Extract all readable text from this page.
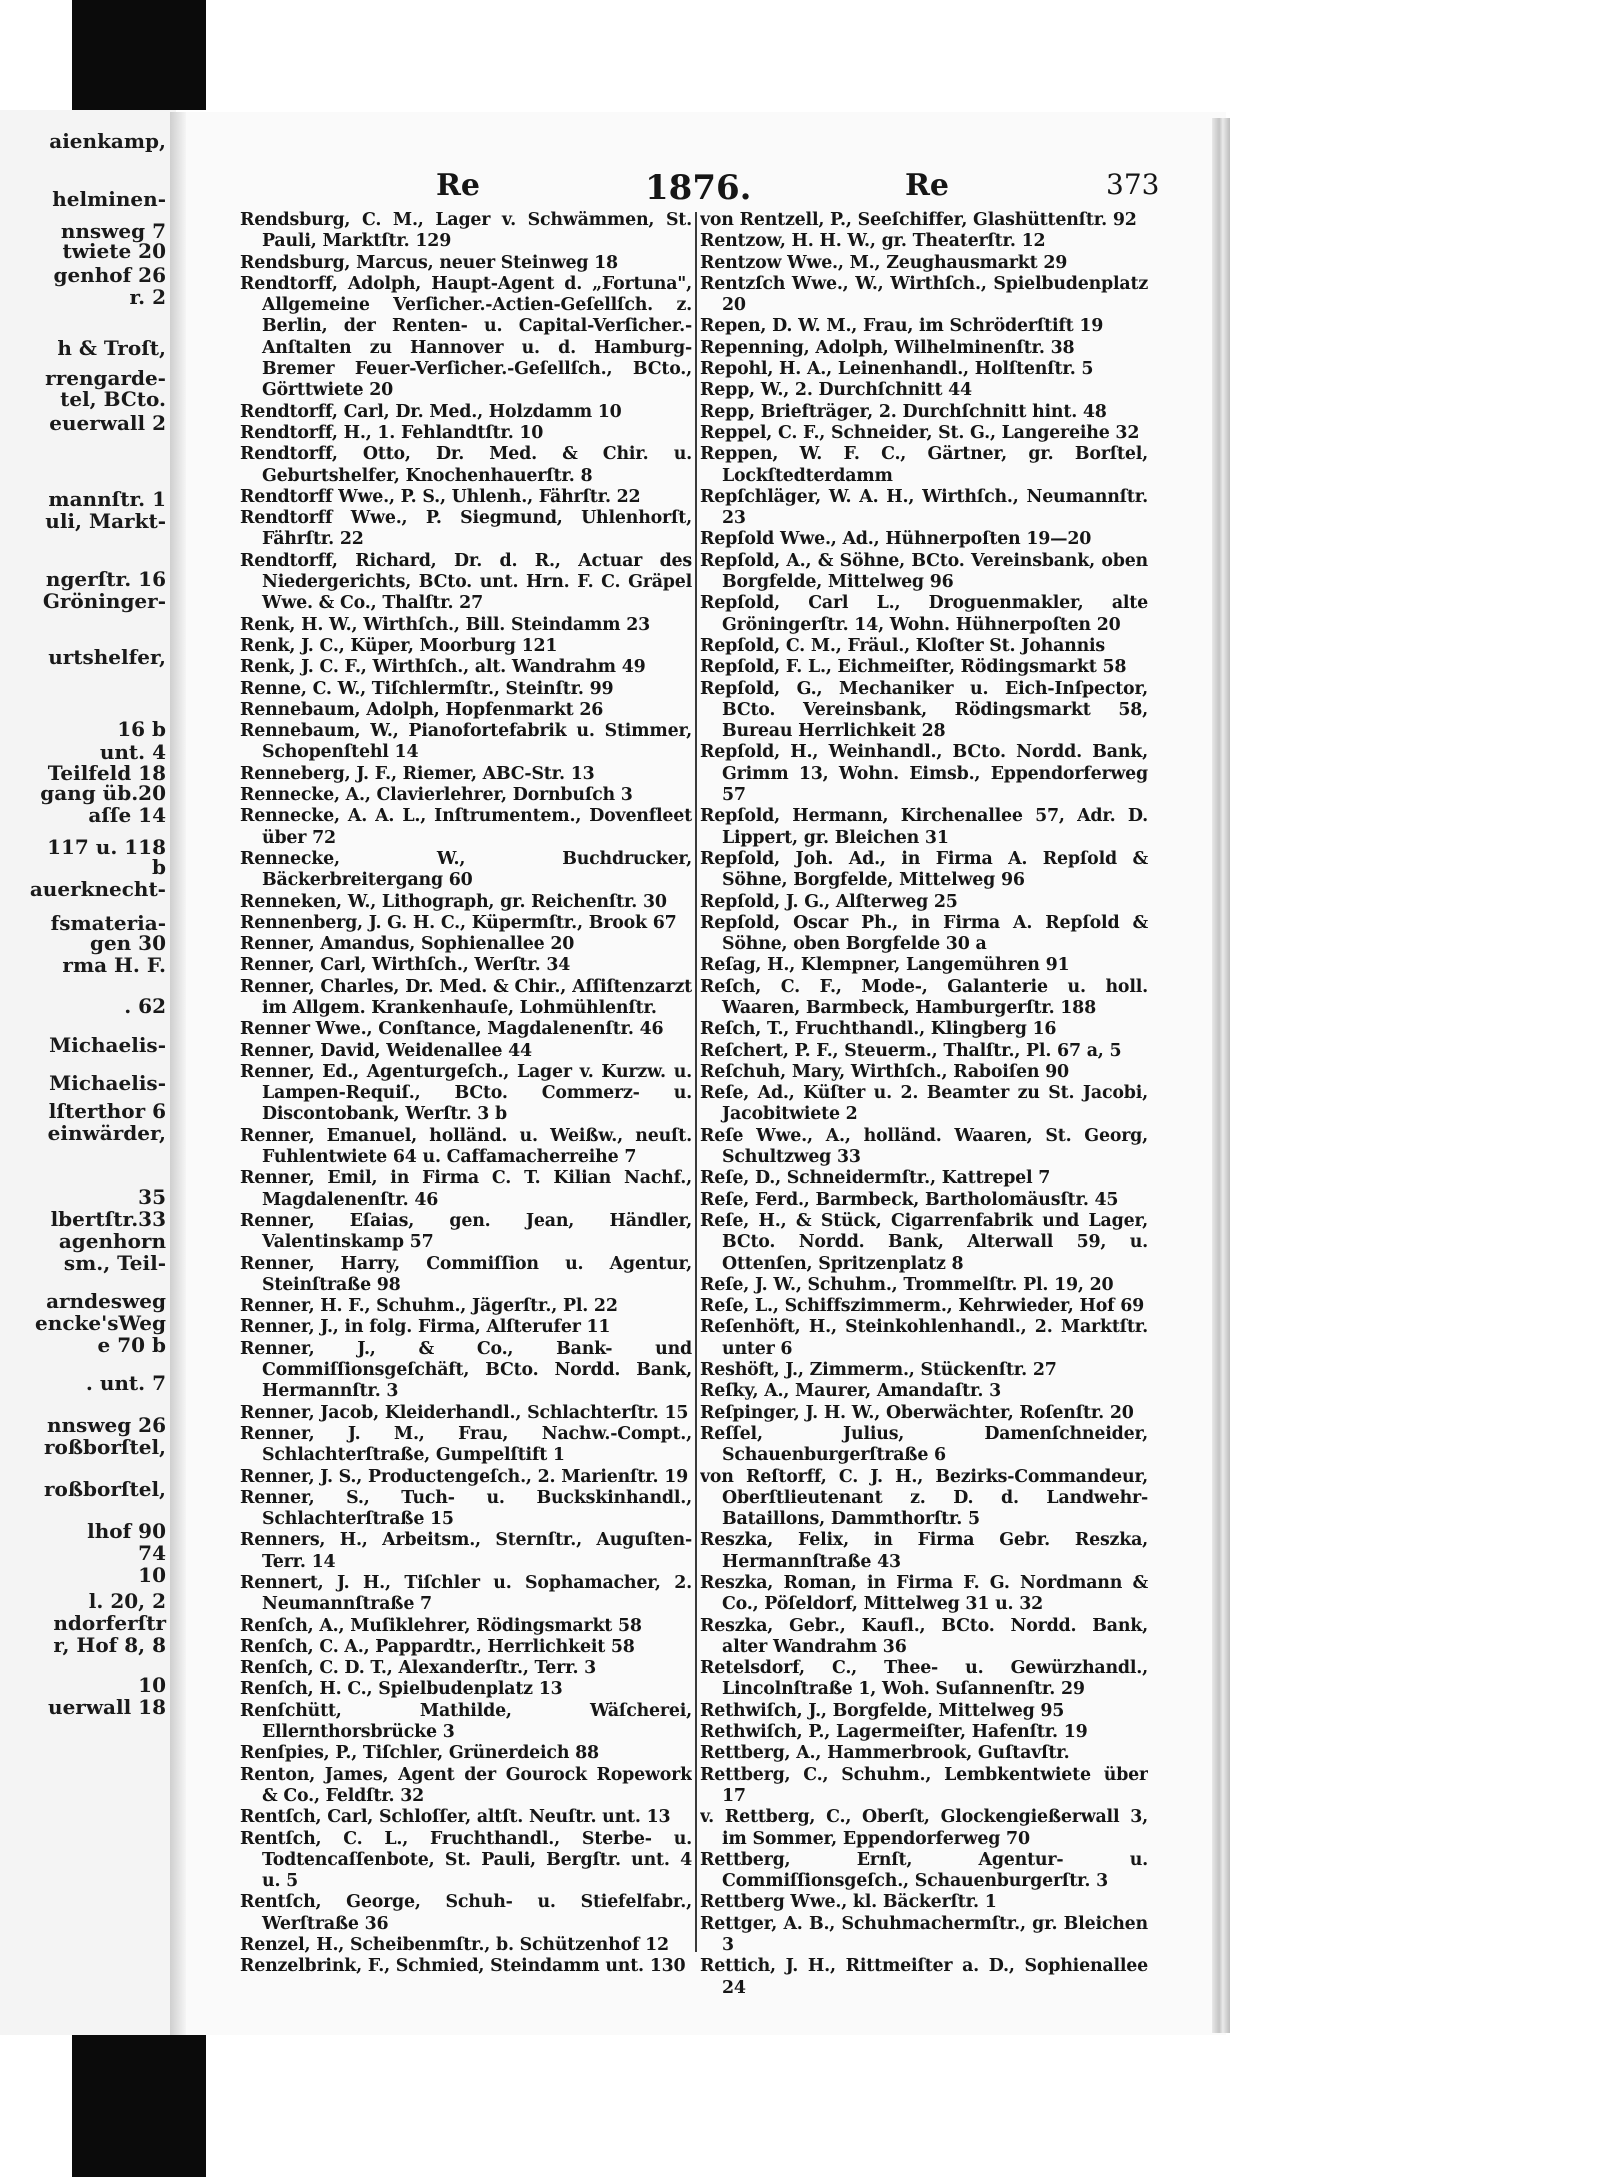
aienkamp,
helminen-
nnsweg 7
twiete 20
genhof 26
r. 2
h & Troſt,
rrengarde-
tel, BCto.
euerwall 2
mannſtr. 1
uli, Markt-
ngerſtr. 16
Gröninger-
urtshelfer,
16 b
unt. 4
Teilfeld 18
gang üb.20
aſſe 14
117 u. 118
b
auerknecht-
fsmateria-
gen 30
rma H. F.
. 62
Michaelis-
Michaelis-
lſterthor 6
einwärder,
35
lbertſtr.33
agenhorn
sm., Teil-
arndesweg
encke'sWeg
e 70 b
. unt. 7
nnsweg 26
roßborſtel,
roßborſtel,
lhof 90
74
10
l. 20, 2
ndorferſtr
r, Hof 8, 8
10
uerwall 18
Re	1876.	Re	373

Rendsburg, C. M., Lager v. Schwämmen, St. Pauli, Marktſtr. 129

Rendsburg, Marcus, neuer Steinweg 18

Rendtorff, Adolph, Haupt-Agent d. „Fortuna", Allgemeine Verſicher.-Actien-Geſellſch. z. Berlin, der Renten- u. Capital-Verſicher.-Anſtalten zu Hannover u. d. Hamburg-Bremer Feuer-Verſicher.-Geſellſch., BCto., Görttwiete 20

Rendtorff, Carl, Dr. Med., Holzdamm 10

Rendtorff, H., 1. Fehlandtſtr. 10

Rendtorff, Otto, Dr. Med. & Chir. u. Geburtshelfer, Knochenhauerſtr. 8

Rendtorff Wwe., P. S., Uhlenh., Fährſtr. 22

Rendtorff Wwe., P. Siegmund, Uhlenhorſt, Fährſtr. 22

Rendtorff, Richard, Dr. d. R., Actuar des Niedergerichts, BCto. unt. Hrn. F. C. Gräpel Wwe. & Co., Thalſtr. 27

Renk, H. W., Wirthſch., Bill. Steindamm 23

Renk, J. C., Küper, Moorburg 121

Renk, J. C. F., Wirthſch., alt. Wandrahm 49

Renne, C. W., Tiſchlermſtr., Steinſtr. 99

Rennebaum, Adolph, Hopfenmarkt 26

Rennebaum, W., Pianofortefabrik u. Stimmer, Schopenſtehl 14

Renneberg, J. F., Riemer, ABC-Str. 13

Rennecke, A., Clavierlehrer, Dornbuſch 3

Rennecke, A. A. L., Inſtrumentem., Dovenfleet über 72

Rennecke, W., Buchdrucker, Bäckerbreitergang 60

Renneken, W., Lithograph, gr. Reichenſtr. 30

Rennenberg, J. G. H. C., Küpermſtr., Brook 67

Renner, Amandus, Sophienallee 20

Renner, Carl, Wirthſch., Werſtr. 34

Renner, Charles, Dr. Med. & Chir., Aſſiſtenzarzt im Allgem. Krankenhauſe, Lohmühlenſtr.

Renner Wwe., Conſtance, Magdalenenſtr. 46

Renner, David, Weidenallee 44

Renner, Ed., Agenturgeſch., Lager v. Kurzw. u. Lampen-Requiſ., BCto. Commerz- u. Discontobank, Werſtr. 3 b

Renner, Emanuel, holländ. u. Weißw., neuſt. Fuhlentwiete 64 u. Caffamacherreihe 7

Renner, Emil, in Firma C. T. Kilian Nachf., Magdalenenſtr. 46

Renner, Eſaias, gen. Jean, Händler, Valentinskamp 57

Renner, Harry, Commiſſion u. Agentur, Steinſtraße 98

Renner, H. F., Schuhm., Jägerſtr., Pl. 22

Renner, J., in folg. Firma, Alſterufer 11

Renner, J., & Co., Bank- und Commiſſionsgeſchäft, BCto. Nordd. Bank, Hermannſtr. 3

Renner, Jacob, Kleiderhandl., Schlachterſtr. 15

Renner, J. M., Frau, Nachw.-Compt., Schlachterſtraße, Gumpelſtift 1

Renner, J. S., Productengeſch., 2. Marienſtr. 19

Renner, S., Tuch- u. Buckskinhandl., Schlachterſtraße 15

Renners, H., Arbeitsm., Sternſtr., Auguſten-Terr. 14

Rennert, J. H., Tiſchler u. Sophamacher, 2. Neumannſtraße 7

Renſch, A., Muſiklehrer, Rödingsmarkt 58

Renſch, C. A., Pappardtr., Herrlichkeit 58

Renſch, C. D. T., Alexanderſtr., Terr. 3

Renſch, H. C., Spielbudenplatz 13

Renſchütt, Mathilde, Wäſcherei, Ellernthorsbrücke 3

Renſpies, P., Tiſchler, Grünerdeich 88

Renton, James, Agent der Gourock Ropework & Co., Feldſtr. 32

Rentſch, Carl, Schloſſer, altſt. Neuſtr. unt. 13

Rentſch, C. L., Fruchthandl., Sterbe- u. Todtencaſſenbote, St. Pauli, Bergſtr. unt. 4 u. 5

Rentſch, George, Schuh- u. Stiefelfabr., Werſtraße 36

Renzel, H., Scheibenmſtr., b. Schützenhof 12

Renzelbrink, F., Schmied, Steindamm unt. 130

von Rentzell, P., Seeſchiffer, Glashüttenſtr. 92

Rentzow, H. H. W., gr. Theaterſtr. 12

Rentzow Wwe., M., Zeughausmarkt 29

Rentzſch Wwe., W., Wirthſch., Spielbudenplatz 20

Repen, D. W. M., Frau, im Schröderſtift 19

Repenning, Adolph, Wilhelminenſtr. 38

Repohl, H. A., Leinenhandl., Holſtenſtr. 5

Repp, W., 2. Durchſchnitt 44

Repp, Briefträger, 2. Durchſchnitt hint. 48

Reppel, C. F., Schneider, St. G., Langereihe 32

Reppen, W. F. C., Gärtner, gr. Borſtel, Lockſtedterdamm

Repſchläger, W. A. H., Wirthſch., Neumannſtr. 23

Repſold Wwe., Ad., Hühnerpoſten 19—20

Repſold, A., & Söhne, BCto. Vereinsbank, oben Borgfelde, Mittelweg 96

Repſold, Carl L., Droguenmakler, alte Gröningerſtr. 14, Wohn. Hühnerpoſten 20

Repſold, C. M., Fräul., Kloſter St. Johannis

Repſold, F. L., Eichmeiſter, Rödingsmarkt 58

Repſold, G., Mechaniker u. Eich-Inſpector, BCto. Vereinsbank, Rödingsmarkt 58, Bureau Herrlichkeit 28

Repſold, H., Weinhandl., BCto. Nordd. Bank, Grimm 13, Wohn. Eimsb., Eppendorferweg 57

Repſold, Hermann, Kirchenallee 57, Adr. D. Lippert, gr. Bleichen 31

Repſold, Joh. Ad., in Firma A. Repſold & Söhne, Borgfelde, Mittelweg 96

Repſold, J. G., Alſterweg 25

Repſold, Oscar Ph., in Firma A. Repſold & Söhne, oben Borgfelde 30 a

Reſag, H., Klempner, Langemühren 91

Reſch, C. F., Mode-, Galanterie u. holl. Waaren, Barmbeck, Hamburgerſtr. 188

Reſch, T., Fruchthandl., Klingberg 16

Reſchert, P. F., Steuerm., Thalſtr., Pl. 67 a, 5

Reſchuh, Mary, Wirthſch., Raboiſen 90

Reſe, Ad., Küſter u. 2. Beamter zu St. Jacobi, Jacobitwiete 2

Reſe Wwe., A., holländ. Waaren, St. Georg, Schultzweg 33

Reſe, D., Schneidermſtr., Kattrepel 7

Reſe, Ferd., Barmbeck, Bartholomäusſtr. 45

Reſe, H., & Stück, Cigarrenfabrik und Lager, BCto. Nordd. Bank, Alterwall 59, u. Ottenſen, Spritzenplatz 8

Reſe, J. W., Schuhm., Trommelſtr. Pl. 19, 20

Reſe, L., Schiffszimmerm., Kehrwieder, Hof 69

Reſenhöft, H., Steinkohlenhandl., 2. Marktſtr. unter 6

Reshöft, J., Zimmerm., Stückenſtr. 27

Reſky, A., Maurer, Amandaſtr. 3

Reſpinger, J. H. W., Oberwächter, Roſenſtr. 20

Reſſel, Julius, Damenſchneider, Schauenburgerſtraße 6

von Reſtorff, C. J. H., Bezirks-Commandeur, Oberſtlieutenant z. D. d. Landwehr-Bataillons, Dammthorſtr. 5

Reszka, Felix, in Firma Gebr. Reszka, Hermannſtraße 43

Reszka, Roman, in Firma F. G. Nordmann & Co., Pöſeldorf, Mittelweg 31 u. 32

Reszka, Gebr., Kaufl., BCto. Nordd. Bank, alter Wandrahm 36

Retelsdorf, C., Thee- u. Gewürzhandl., Lincolnſtraße 1, Woh. Suſannenſtr. 29

Rethwiſch, J., Borgfelde, Mittelweg 95

Rethwiſch, P., Lagermeiſter, Hafenſtr. 19

Rettberg, A., Hammerbrook, Guſtavſtr.

Rettberg, C., Schuhm., Lembkentwiete über 17

v. Rettberg, C., Oberſt, Glockengießerwall 3, im Sommer, Eppendorferweg 70

Rettberg, Ernſt, Agentur- u. Commiſſionsgeſch., Schauenburgerſtr. 3

Rettberg Wwe., kl. Bäckerſtr. 1

Rettger, A. B., Schuhmachermſtr., gr. Bleichen 3

Rettich, J. H., Rittmeiſter a. D., Sophienallee 24
